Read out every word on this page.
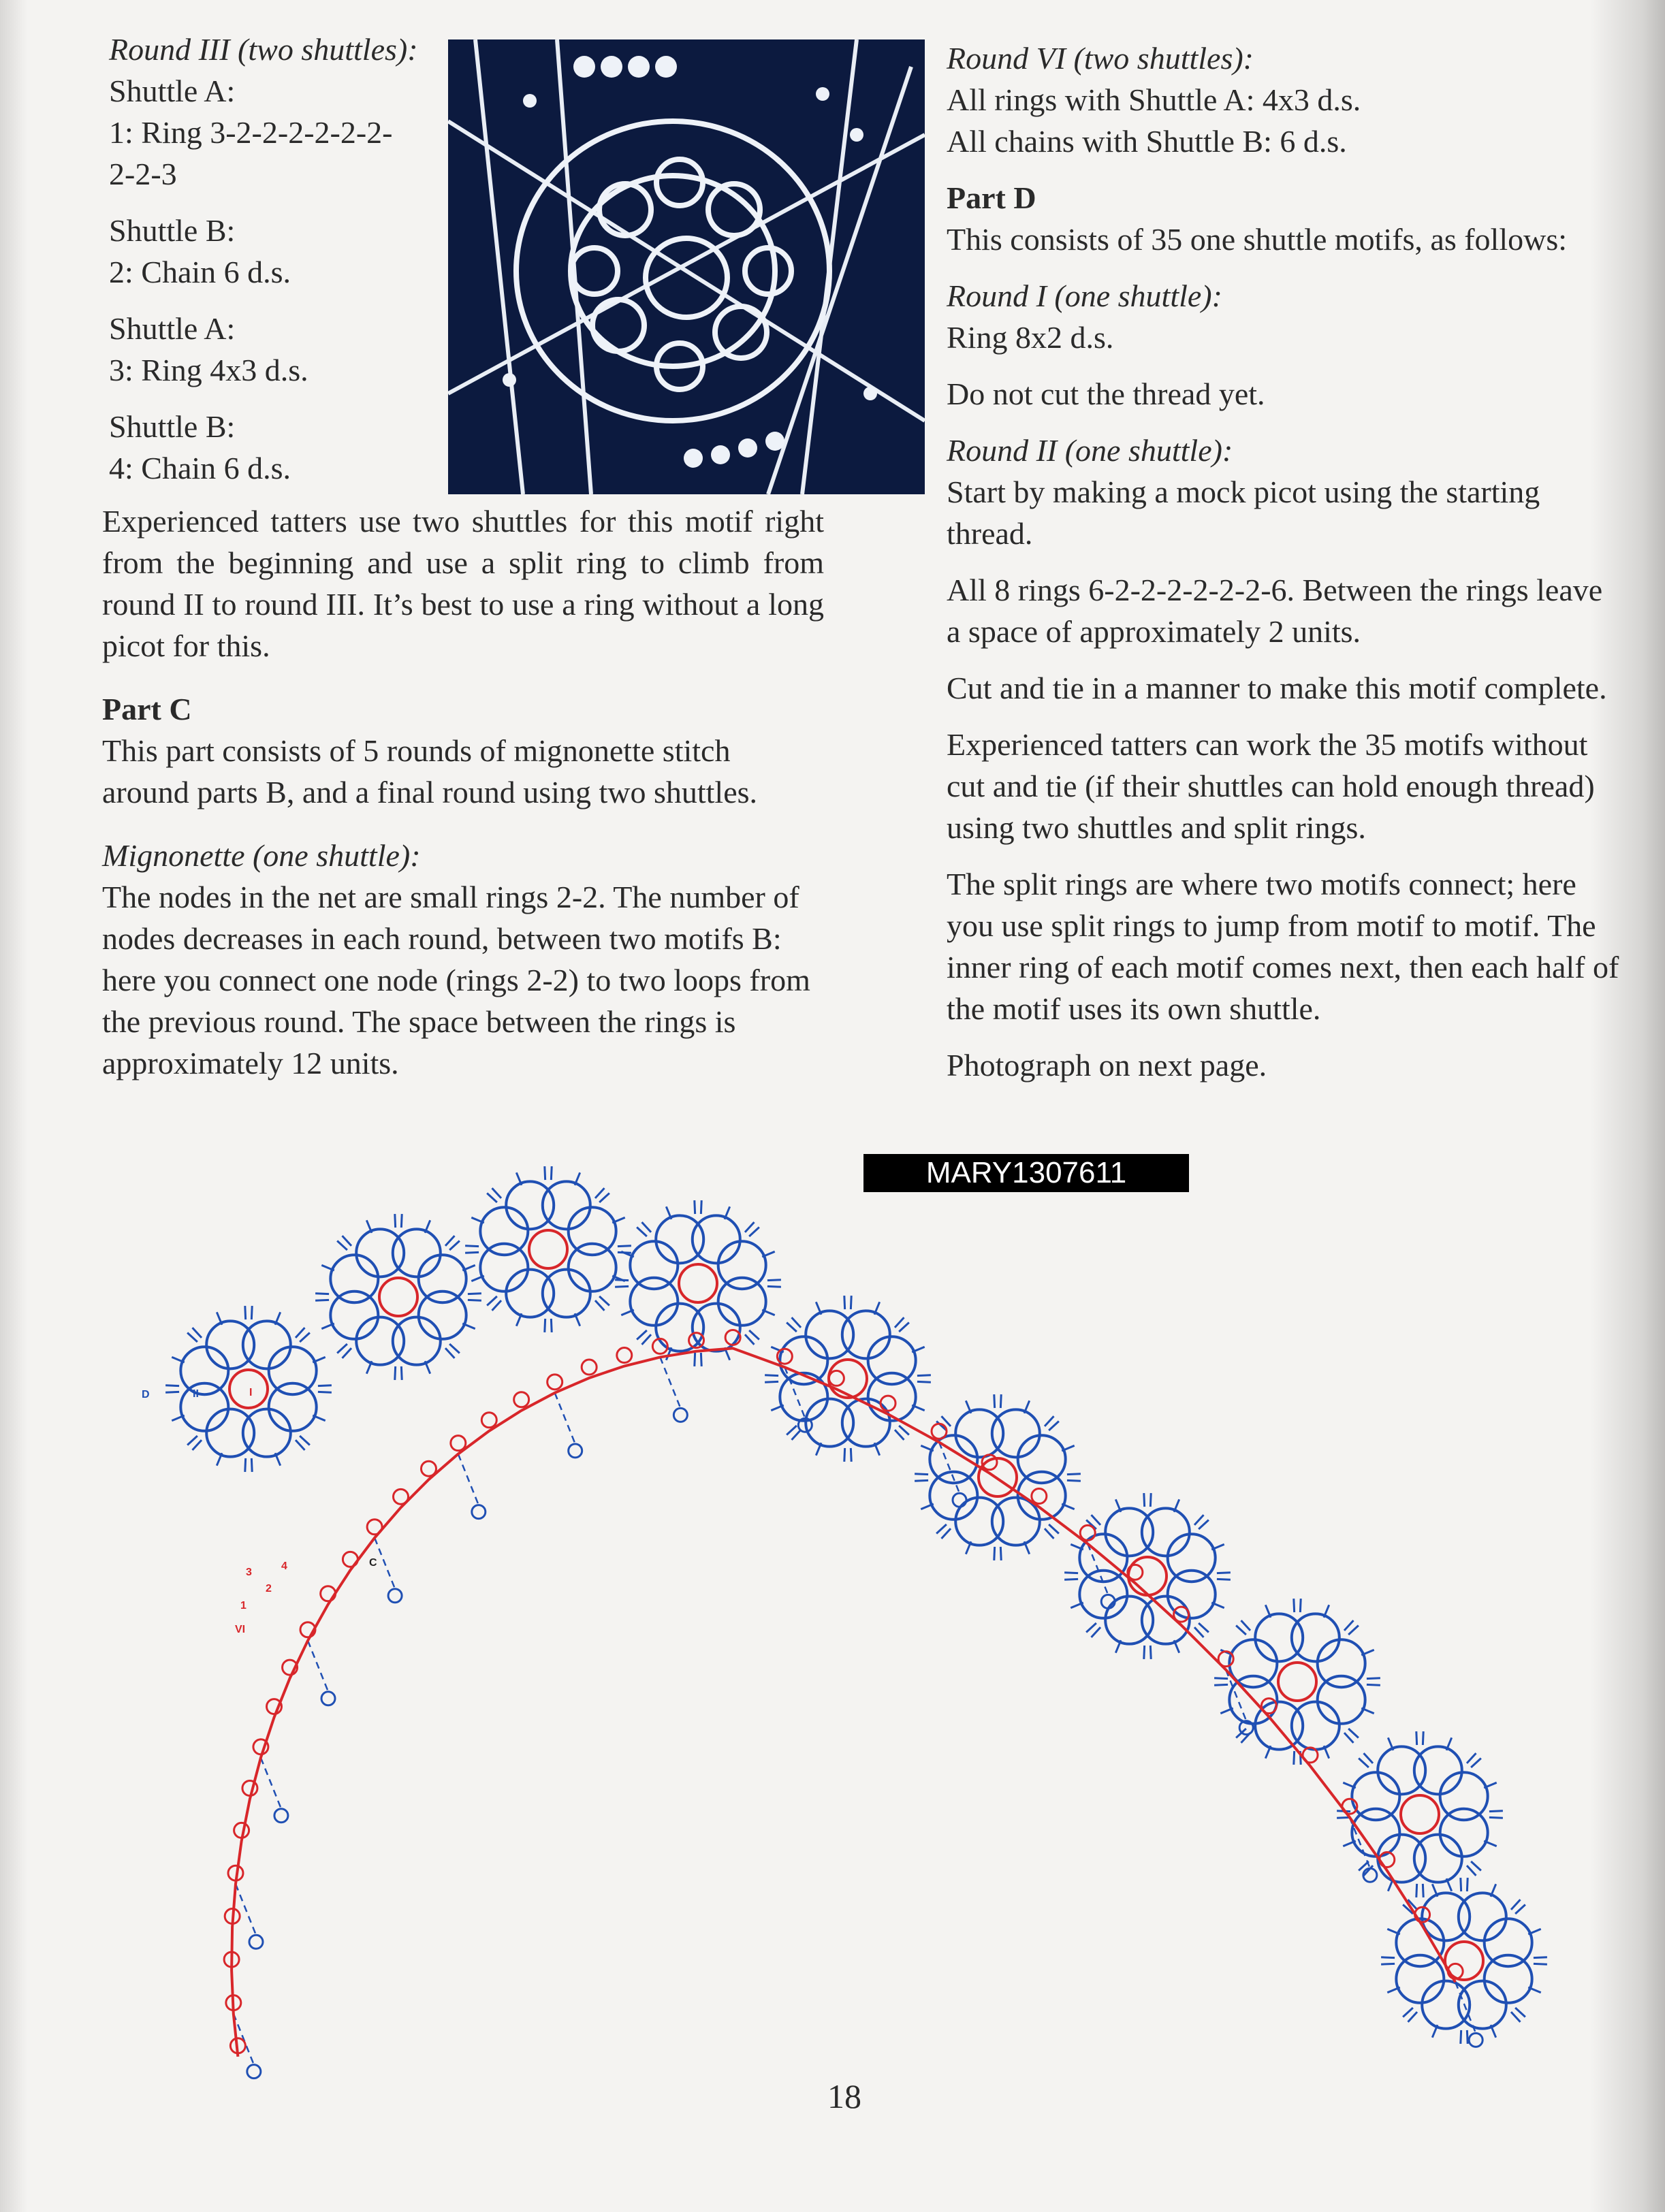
Round III (two shuttles):

Shuttle A:

1: Ring 3-2-2-2-2-2-2-

2-2-3

Shuttle B:

2: Chain 6 d.s.

Shuttle A:

3: Ring 4x3 d.s.

Shuttle B:

4: Chain 6 d.s.

Experienced tatters use two shuttles for this motif right from the beginning and use a split ring to climb from round II to round III. It’s best to use a ring without a long picot for this.

Part C

This part consists of 5 rounds of mignonette stitch around parts B, and a final round using two shuttles.

Mignonette (one shuttle):

The nodes in the net are small rings 2-2. The number of nodes decreases in each round, between two motifs B: here you connect one node (rings 2-2) to two loops from the previous round. The space between the rings is approximately 12 units.

Round VI (two shuttles):

All rings with Shuttle A: 4x3 d.s.

All chains with Shuttle B: 6 d.s.

Part D

This consists of 35 one shuttle motifs, as follows:

Round I (one shuttle):

Ring 8x2 d.s.

Do not cut the thread yet.

Round II (one shuttle):

Start by making a mock picot using the starting thread.

All 8 rings 6-2-2-2-2-2-2-6. Between the rings leave a space of approximately 2 units.

Cut and tie in a manner to make this motif complete.

Experienced tatters can work the 35 motifs without cut and tie (if their shuttles can hold enough thread) using two shuttles and split rings.

The split rings are where two motifs connect; here you use split rings to jump from motif to motif. The inner ring of each motif comes next, then each half of the motif uses its own shuttle.

Photograph on next page.

MARY1307611
D	II	I
C
VI
3
4
2
1
18
